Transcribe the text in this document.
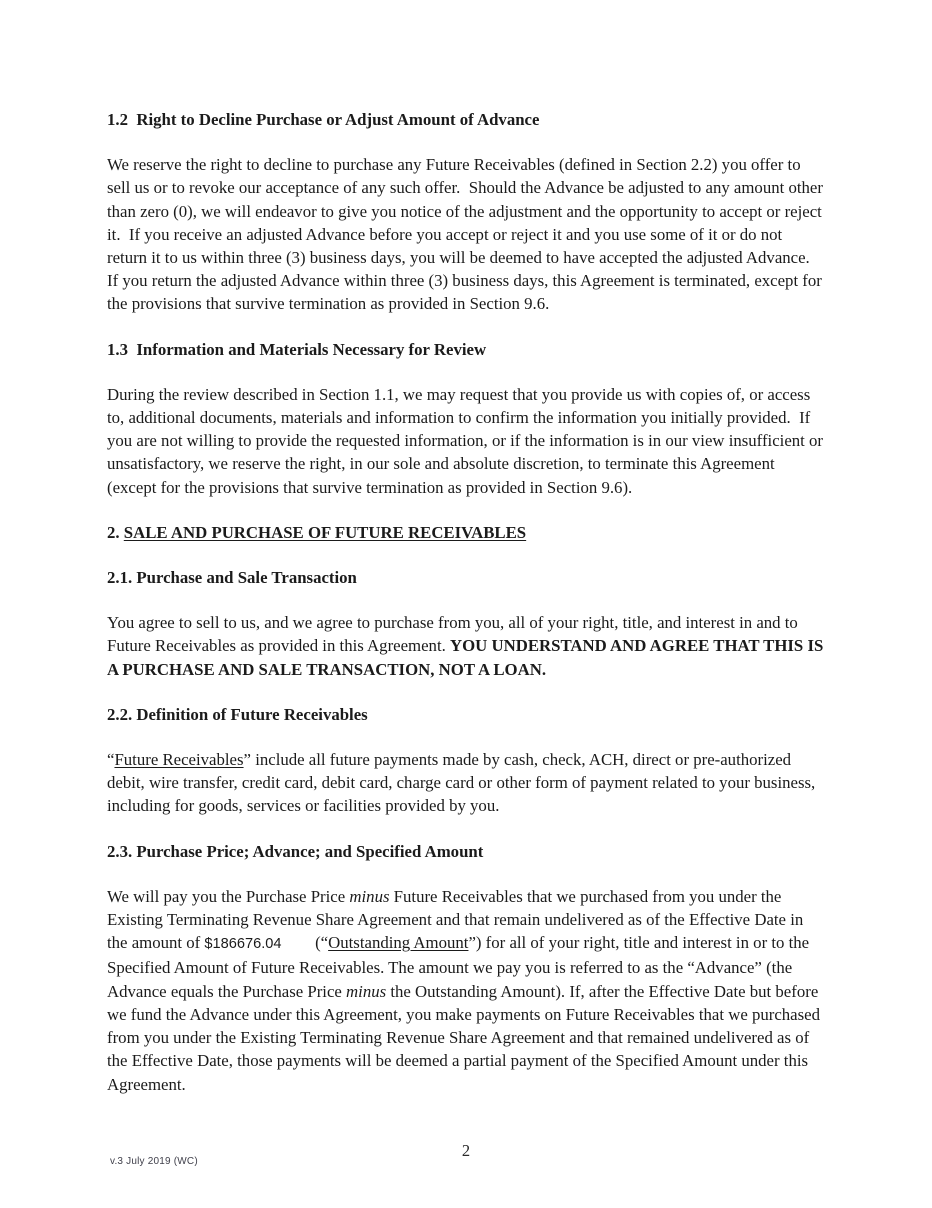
1.2  Right to Decline Purchase or Adjust Amount of Advance
We reserve the right to decline to purchase any Future Receivables (defined in Section 2.2) you offer to sell us or to revoke our acceptance of any such offer.  Should the Advance be adjusted to any amount other than zero (0), we will endeavor to give you notice of the adjustment and the opportunity to accept or reject it.  If you receive an adjusted Advance before you accept or reject it and you use some of it or do not return it to us within three (3) business days, you will be deemed to have accepted the adjusted Advance.  If you return the adjusted Advance within three (3) business days, this Agreement is terminated, except for the provisions that survive termination as provided in Section 9.6.
1.3  Information and Materials Necessary for Review
During the review described in Section 1.1, we may request that you provide us with copies of, or access to, additional documents, materials and information to confirm the information you initially provided.  If you are not willing to provide the requested information, or if the information is in our view insufficient or unsatisfactory, we reserve the right, in our sole and absolute discretion, to terminate this Agreement (except for the provisions that survive termination as provided in Section 9.6).
2. SALE AND PURCHASE OF FUTURE RECEIVABLES
2.1. Purchase and Sale Transaction
You agree to sell to us, and we agree to purchase from you, all of your right, title, and interest in and to Future Receivables as provided in this Agreement. YOU UNDERSTAND AND AGREE THAT THIS IS A PURCHASE AND SALE TRANSACTION, NOT A LOAN.
2.2. Definition of Future Receivables
“Future Receivables” include all future payments made by cash, check, ACH, direct or pre-authorized debit, wire transfer, credit card, debit card, charge card or other form of payment related to your business, including for goods, services or facilities provided by you.
2.3. Purchase Price; Advance; and Specified Amount
We will pay you the Purchase Price minus Future Receivables that we purchased from you under the Existing Terminating Revenue Share Agreement and that remain undelivered as of the Effective Date in the amount of $186676.04        (“Outstanding Amount”) for all of your right, title and interest in or to the Specified Amount of Future Receivables. The amount we pay you is referred to as the “Advance” (the Advance equals the Purchase Price minus the Outstanding Amount). If, after the Effective Date but before we fund the Advance under this Agreement, you make payments on Future Receivables that we purchased from you under the Existing Terminating Revenue Share Agreement and that remained undelivered as of the Effective Date, those payments will be deemed a partial payment of the Specified Amount under this Agreement.
2
v.3 July 2019 (WC)
